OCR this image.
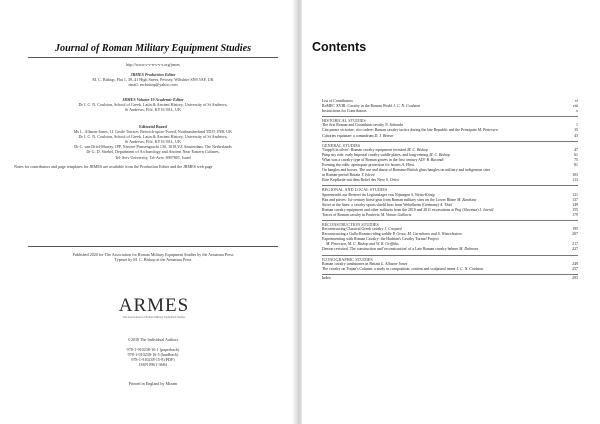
Journal of Roman Military Equipment Studies
http://www.s-v-n-s-v-s.org/jrmes
JRMES Production Editor
M. C. Bishop, Flat 1, 39–41 High Street, Pewsey, Wiltshire SN9 5AF, UK
email: mcbishop@yahoo.com
JRMES Volume 19 Academic Editor
Dr J. C. N. Coulston, School of Greek, Latin & Ancient History, University of St Andrews,
St Andrews, Fife, KY16 9AL, UK
Editorial Board
Ms L. Allason-Jones, 11 Castle Terrace, Berwick-upon-Tweed, Northumberland TD15 1NR, UK
Dr J. C. N. Coulston, School of Greek, Latin & Ancient History, University of St Andrews,
St Andrews, Fife, KY16 9AL, UK
Dr C. van Driel-Murray, IPP, Nieuwe Prinsengracht 130, 1018 VZ Amsterdam, The Netherlands
Dr G. D. Stiebel, Department of Archaeology and Ancient Near Eastern Cultures,
Tel-Aviv University, Tel-Aviv, 6997801, Israel
Notes for contributors and page templates for JRMES are available from the Production Editor and the JRMES web page
Published 2020 for The Association for Roman Military Equipment Studies by the Armatura Press
Typeset by M. C. Bishop at the Armatura Press
ARMES
The Association for Roman Military Equipment Studies
©2018 The Individual Authors
978-1-910238-16-1 (paperback)
978-1-910238-16-5 (hardback)
978-1-910238-15-8 (PDF)
ISSN 0961-3684
Printed in England by Mixam
Contents
List of Contributors	vi
RoMEC XVIII: Cavalry in the Roman World J. C. N. Coulston	viii
Instructions for Contributors	x
HISTORICAL STUDIES
The first Roman and Corinthian cavalry N. Sekunda	1
Cita parare victoriae, cito cadere: Roman cavalry tactics during the late Republic and the Principate M. Pettersen	15
Cohortes equitatae: a conundrum D. J. Breeze	43
GENERAL STUDIES
'Trapp'd in silver': Roman cavalry equipment revisited M. C. Bishop	47
Pimp my ride: early Imperial cavalry saddle plates, and long-reining M. C. Bishop	61
What was a cavalry type of Roman graves in the first century AD? B. Burandt	75
Evening the odds: apotropaic protection for horses A. Hirst	81
On bangles and horses. The use and abuse of Romano-British glass bangles on military and indigenous sites
in Roman-period Britain T. Ivleva	103
Eine Kopfkette mit dem Relief des Nero S. Ortisi	113
REGIONAL AND LOCAL STUDIES
Sporenzucht zur Reiterei im Legionslager von Nijmegen S. Weiss-König	121
Bits and pieces: 1st-century horse gear from Roman military sites on the Lower Rhine M. Zandstra	137
Strive at the lines: a cavalry sports shield boss from Weltelheim (Germany) A. Thiel	149
Roman cavalry equipment and other militaria from the 2010 and 2011 excavations at Ptuj (Slovenia) J. Istenič	155
Traces of Roman cavalry in Pontevio M. Vinnar Galkovic	179
RECONSTRUCTION STUDIES
Reconstructing Classical Greek cavalry J. Conyard	195
Reconstructing a Gallo-Roman riding saddle P. Groot, M. Carrabono and S. Wisterbotton	207
Experimenting with Roman Cavalry: the Hadrian's Cavalry Turma! Project
M. Pettersen, M. C. Bishop and W. R. Griffiths	217
Denvar revisited. The construction and 'reconstruction' of a Late Roman cavalry helmet M. Dolmont	227
ICONOGRAPHIC STUDIES
Roman cavalry tombstones in Britain L. Allason-Jones	249
The cavalry on Trajan's Column: a study in composition, content and sculptural intent J. C. N. Coulston	257
Index	293
